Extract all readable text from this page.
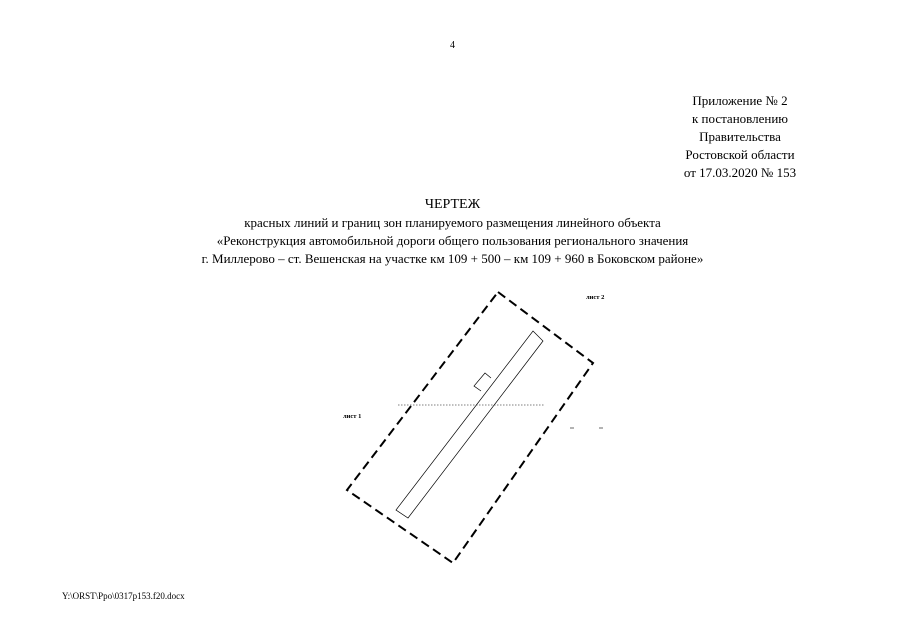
4
Приложение № 2
к постановлению
Правительства
Ростовской области
от 17.03.2020 № 153
ЧЕРТЕЖ
красных линий и границ зон планируемого размещения линейного объекта
«Реконструкция автомобильной дороги общего пользования регионального значения
г. Миллерово – ст. Вешенская на участке км 109 + 500 – км 109 + 960 в Боковском районе»
лист 2
лист 1
Y:\ORST\Ppo\0317p153.f20.docx
